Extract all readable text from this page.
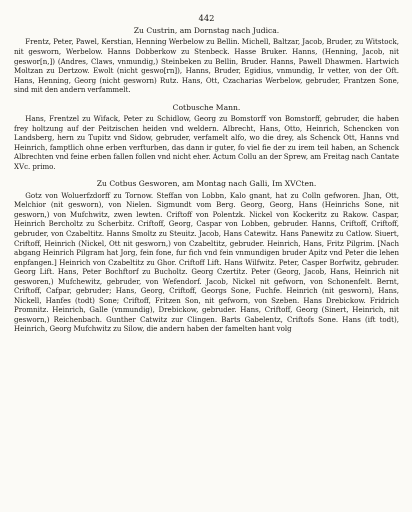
442
Zu Custrin, am Dornstag nach Judica.

Frentz, Peter, Pawel, Kerstian, Henning Werbelow zu Bellin. Michell, Baltzar, Jacob, Bruder, zu Witstock, nit gesworn, Werbelow. Hanns Dobberkow zu Stenbeck. Hasse Bruker. Hanns, (Henning, Jacob, nit geswor[n,]) (Andres, Claws, vnmundig,) Steinbeken zu Bellin, Bruder. Hanns, Pawell Dhawmen. Hartwich Moltzan zu Dertzow. Ewolt (nicht geswo[rn]), Hanns, Bruder, Egidius, vnmundig, Ir vetter, von der Oft. Hans, Henning, Georg (nicht gesworn) Rutz. Hans, Ott, Czacharias Werbelow, gebruder, Frantzen Sone, sind mit den andern verfammelt.

Cotbusche Mann.

Hans, Frentzel zu Wifack, Peter zu Schidlow, Georg zu Bomstorff von Bomstorff, gebruder, die haben frey holtzung auf der Peitzischen heiden vnd weldern. Albrecht, Hans, Otto, Heinrich, Schencken von Landsberg, hern zu Tupitz vnd Sidow, gebruder, verfamelt alfo, wo die drey, als Schenck Ott, Hanns vnd Heinrich, famptlich ohne erben verfturben, das dann ir guter, fo viel fie der zu irem teil haben, an Schenck Albrechten vnd feine erben fallen follen vnd nicht eher. Actum Collu an der Sprew, am Freitag nach Cantate XVc. primo.

Zu Cotbus Gesworen, am Montag nach Galli, Im XVCten.

Gotz von Woluerfzdorff zu Tornow. Steffan von Lobbn, Kalo gnant, hat zu Colln gefworen. Jhan, Ott, Melchior (nit gesworn), von Nielen. Sigmundt vom Berg. Georg, Georg, Hans (Heinrichs Sone, nit gesworn,) von Mufchwitz, zwen lewten. Criftoff von Polentzk. Nickel von Kockeritz zu Rakow. Caspar, Heinrich Bercholtz zu Scherbitz. Criftoff, Georg, Caspar von Lobben, gebruder. Hanns, Criftoff, Criftoff, gebruder, von Czabeltitz. Hanns Smoltz zu Steuitz. Jacob, Hans Catewitz. Hans Panewitz zu Catlow. Siuert, Criftoff, Heinrich (Nickel, Ott nit gesworn,) von Czabeltitz, gebruder. Heinrich, Hans, Fritz Pilgrim. [Nach abgang Heinrich Pilgram hat Jorg, fein fone, fur fich vnd fein vnmundigen bruder Apitz vnd Peter die lehen enpfangen.] Heinrich von Czabeltitz zu Ghor. Criftoff Lift. Hans Wilfwitz. Peter, Casper Borfwitz, gebruder. Georg Lift. Hans, Peter Bochftorf zu Bucholtz. Georg Czertitz. Peter (Georg, Jacob, Hans, Heinrich nit gesworen,) Mufchewitz, gebruder, von Wefendorf. Jacob, Nickel nit gefworn, von Schonenfelt. Bernt, Criftoff, Cafpar, gebruder; Hans, Georg, Criftoff, Georgs Sone, Fuchfe. Heinrich (nit gesworn), Hans, Nickell, Hanfes (todt) Sone; Criftoff, Fritzen Son, nit gefworn, von Szeben. Hans Drebickow. Fridrich Promnitz. Heinrich, Galle (vnmundig), Drebickow, gebruder. Hans, Criftoff, Georg (Sinert, Heinrich, nit gesworn,) Reichenbach. Gunther Catwitz zur Clingen. Barts Gabelentz, Criftofs Sone. Hans (ift todt), Heinrich, Georg Mufchwitz zu Silow, die andern haben der famelten hant volg
